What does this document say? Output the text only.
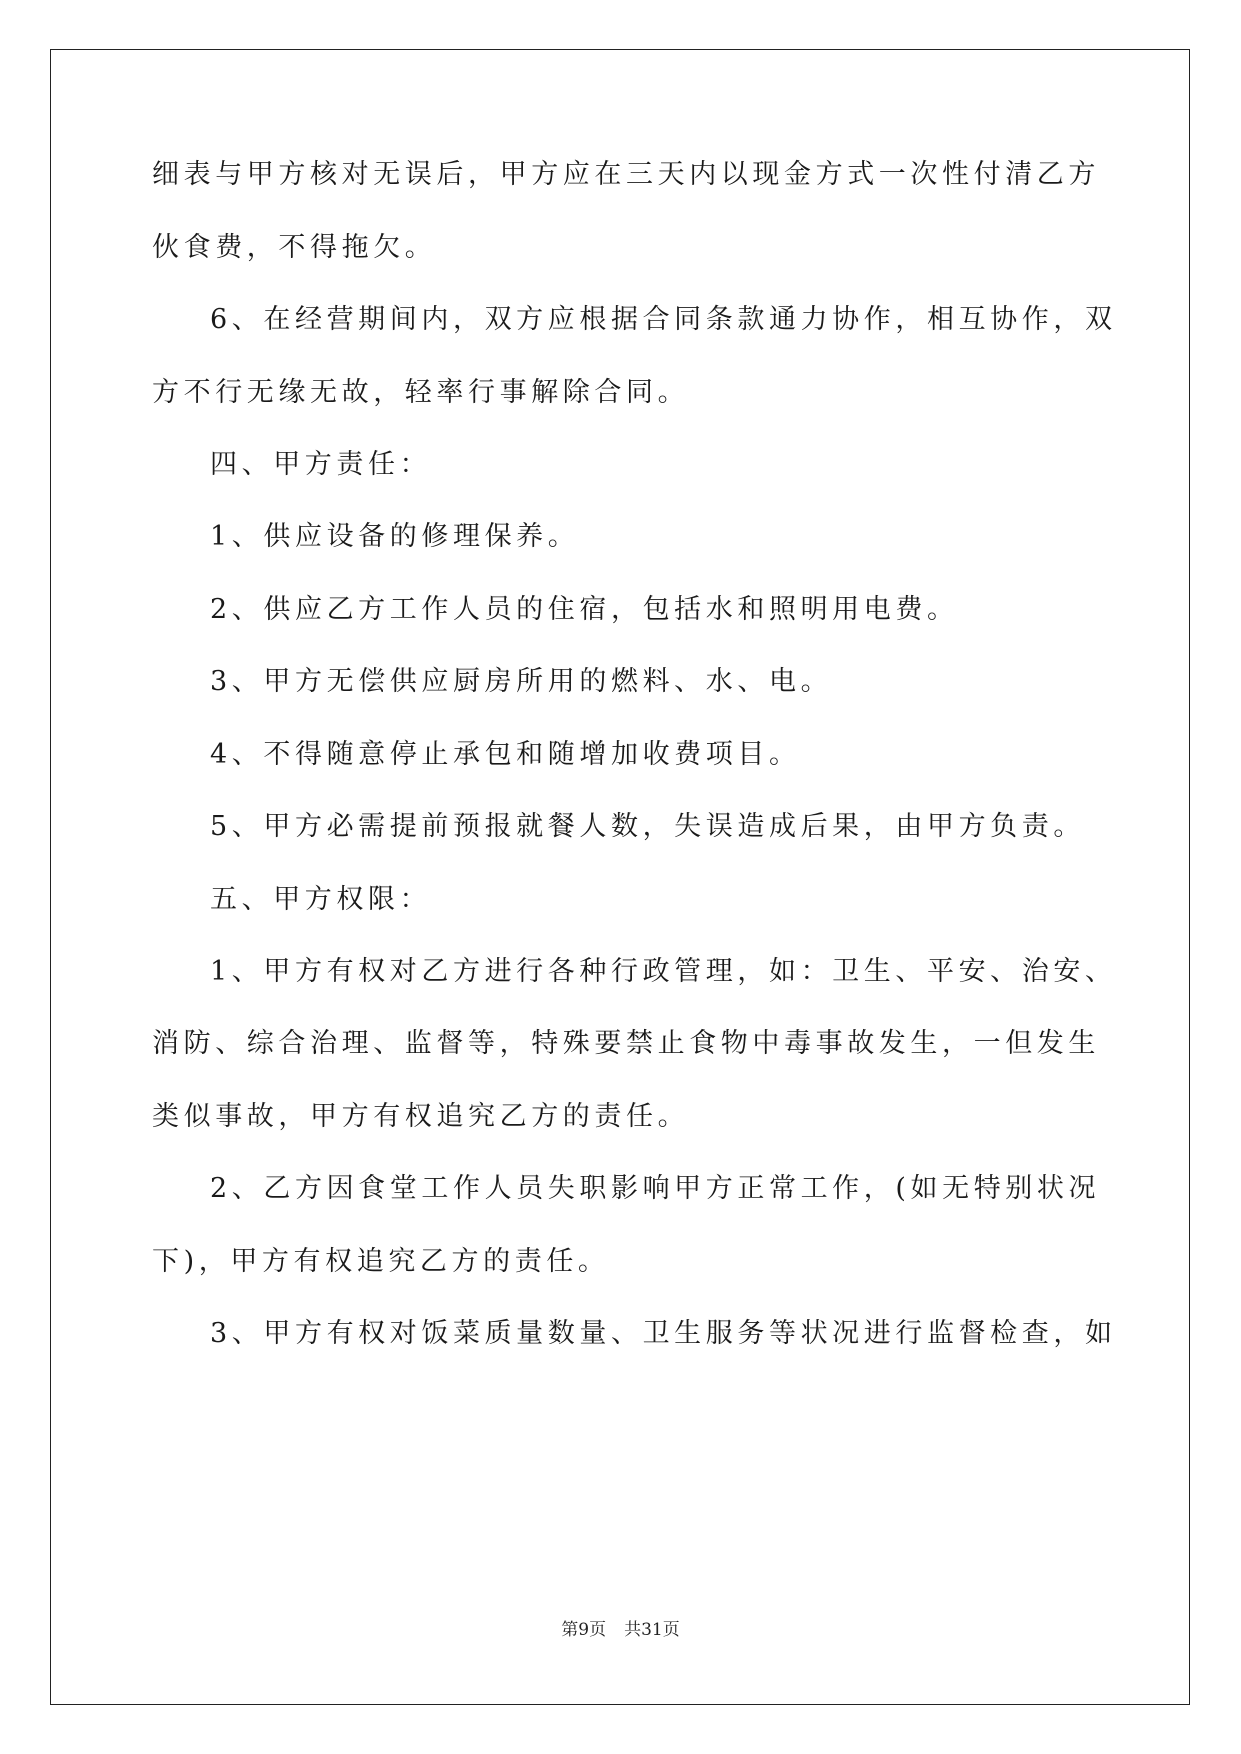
细表与甲方核对无误后，甲方应在三天内以现金方式一次性付清乙方
伙食费，不得拖欠。
6、在经营期间内，双方应根据合同条款通力协作，相互协作，双
方不行无缘无故，轻率行事解除合同。
四、甲方责任：
1、供应设备的修理保养。
2、供应乙方工作人员的住宿，包括水和照明用电费。
3、甲方无偿供应厨房所用的燃料、水、电。
4、不得随意停止承包和随增加收费项目。
5、甲方必需提前预报就餐人数，失误造成后果，由甲方负责。
五、甲方权限：
1、甲方有权对乙方进行各种行政管理，如：卫生、平安、治安、
消防、综合治理、监督等，特殊要禁止食物中毒事故发生，一但发生
类似事故，甲方有权追究乙方的责任。
2、乙方因食堂工作人员失职影响甲方正常工作，(如无特别状况
下)，甲方有权追究乙方的责任。
3、甲方有权对饭菜质量数量、卫生服务等状况进行监督检查，如
第9页 共31页
